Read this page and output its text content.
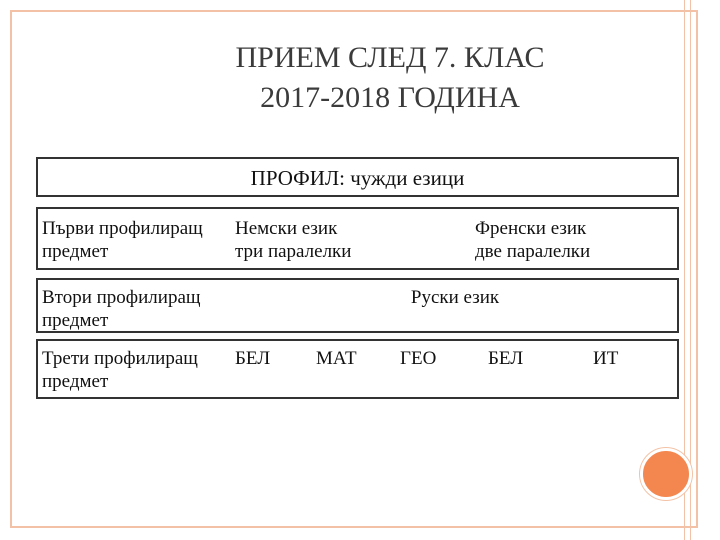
ПРИЕМ СЛЕД 7. КЛАС
2017-2018 ГОДИНА
ПРОФИЛ: чужди езици
Първи профилиращ
предмет
Немски език
три паралелки
Френски език
две паралелки
Втори профилиращ
предмет
Руски език
Трети профилиращ
предмет
БЕЛ МАТ ГЕО	БЕЛ	ИТ
